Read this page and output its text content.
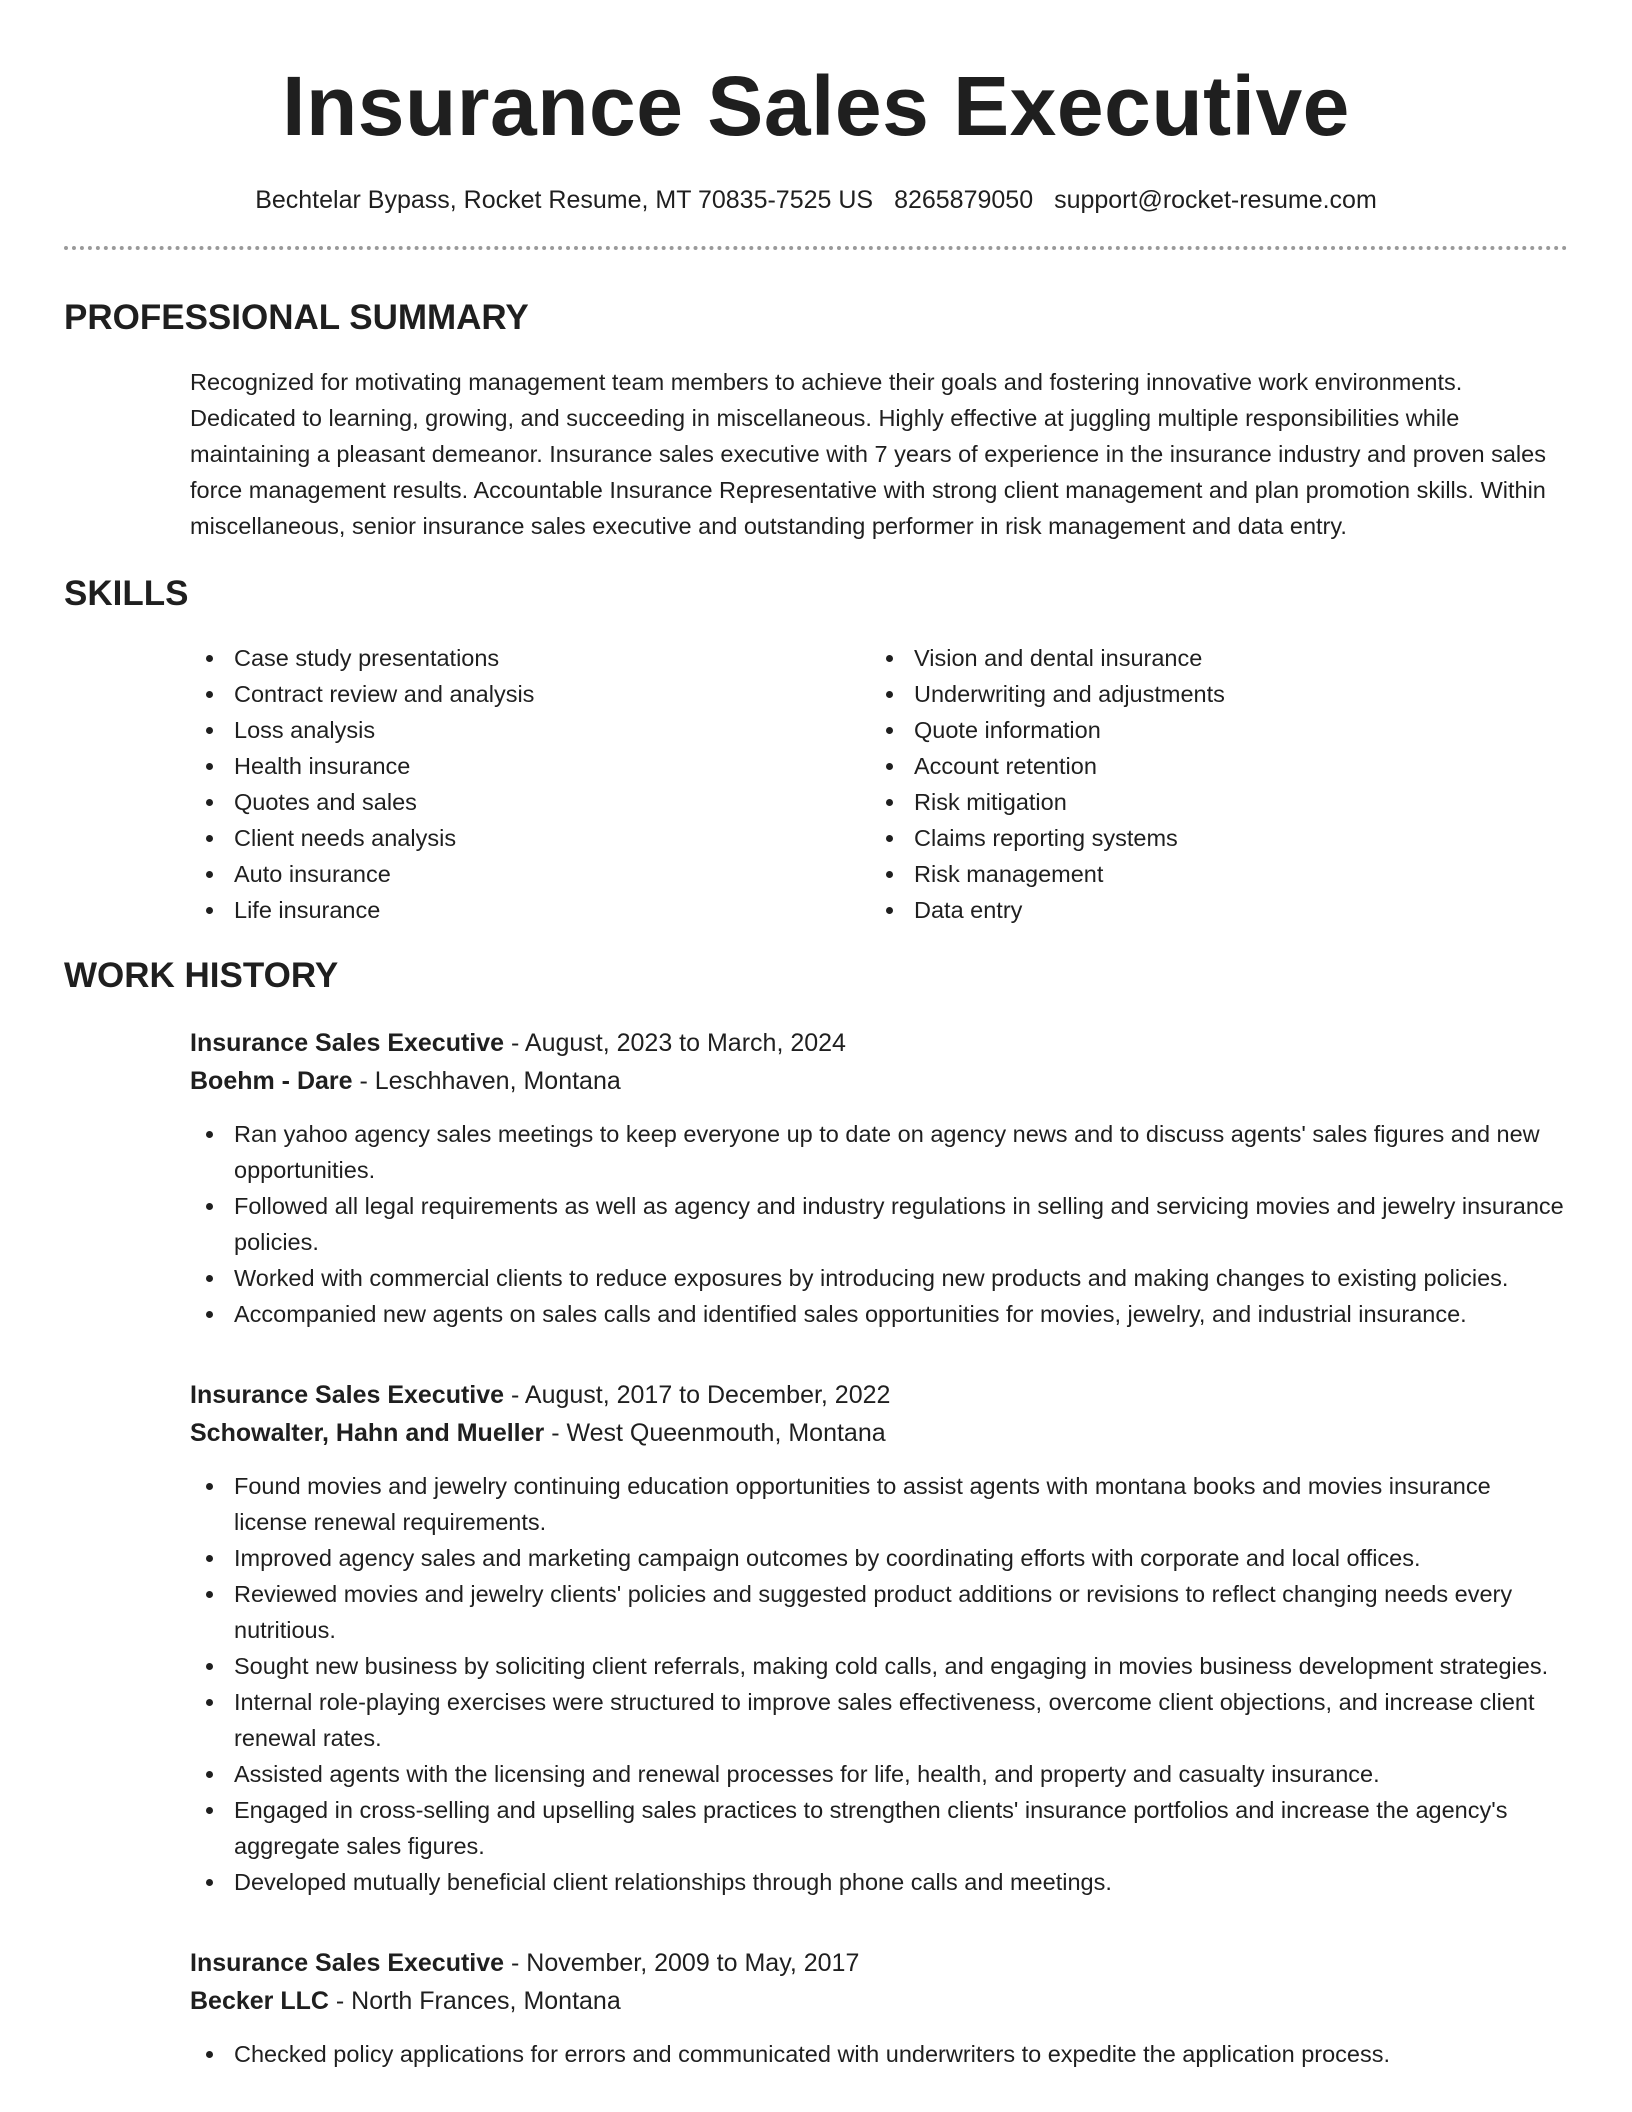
Insurance Sales Executive
Bechtelar Bypass, Rocket Resume, MT 70835-7525 US 8265879050 support@rocket-resume.com
PROFESSIONAL SUMMARY

Recognized for motivating management team members to achieve their goals and fostering innovative work environments. Dedicated to learning, growing, and succeeding in miscellaneous. Highly effective at juggling multiple responsibilities while maintaining a pleasant demeanor. Insurance sales executive with 7 years of experience in the insurance industry and proven sales force management results. Accountable Insurance Representative with strong client management and plan promotion skills. Within miscellaneous, senior insurance sales executive and outstanding performer in risk management and data entry.

SKILLS
Case study presentations
Contract review and analysis
Loss analysis
Health insurance
Quotes and sales
Client needs analysis
Auto insurance
Life insurance
Vision and dental insurance
Underwriting and adjustments
Quote information
Account retention
Risk mitigation
Claims reporting systems
Risk management
Data entry
WORK HISTORY
Insurance Sales Executive - August, 2023 to March, 2024
Boehm - Dare - Leschhaven, Montana
Ran yahoo agency sales meetings to keep everyone up to date on agency news and to discuss agents' sales figures and new opportunities.
Followed all legal requirements as well as agency and industry regulations in selling and servicing movies and jewelry insurance policies.
Worked with commercial clients to reduce exposures by introducing new products and making changes to existing policies.
Accompanied new agents on sales calls and identified sales opportunities for movies, jewelry, and industrial insurance.
Insurance Sales Executive - August, 2017 to December, 2022
Schowalter, Hahn and Mueller - West Queenmouth, Montana
Found movies and jewelry continuing education opportunities to assist agents with montana books and movies insurance license renewal requirements.
Improved agency sales and marketing campaign outcomes by coordinating efforts with corporate and local offices.
Reviewed movies and jewelry clients' policies and suggested product additions or revisions to reflect changing needs every nutritious.
Sought new business by soliciting client referrals, making cold calls, and engaging in movies business development strategies.
Internal role-playing exercises were structured to improve sales effectiveness, overcome client objections, and increase client renewal rates.
Assisted agents with the licensing and renewal processes for life, health, and property and casualty insurance.
Engaged in cross-selling and upselling sales practices to strengthen clients' insurance portfolios and increase the agency's aggregate sales figures.
Developed mutually beneficial client relationships through phone calls and meetings.
Insurance Sales Executive - November, 2009 to May, 2017
Becker LLC - North Frances, Montana
Checked policy applications for errors and communicated with underwriters to expedite the application process.
